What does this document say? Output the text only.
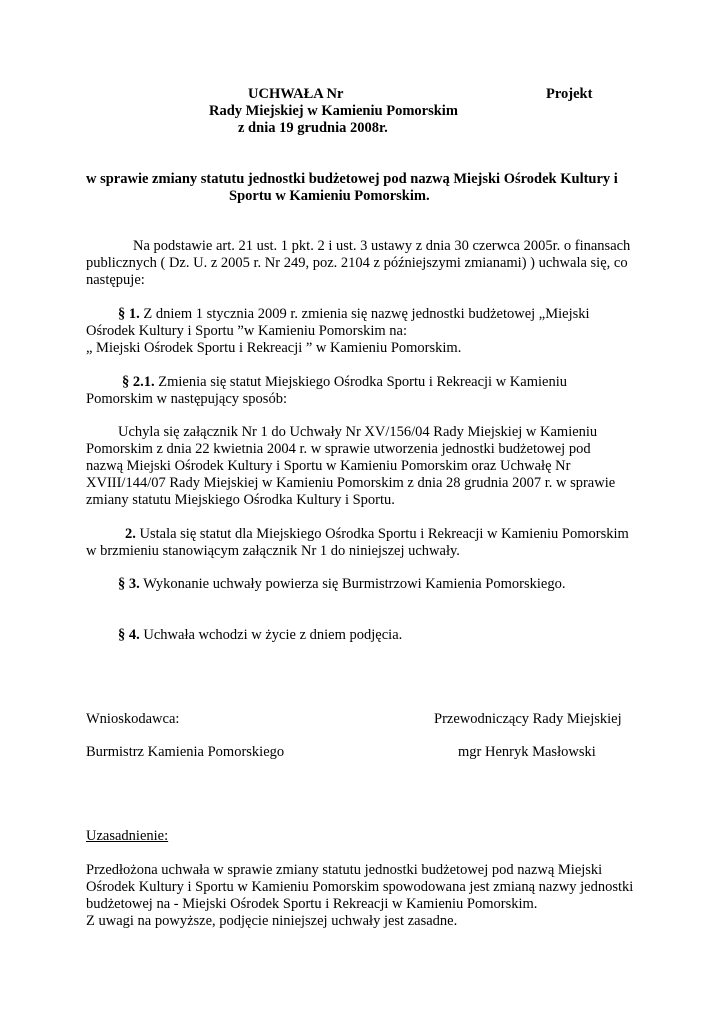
UCHWAŁA Nr	Projekt
Rady Miejskiej w Kamieniu Pomorskim
z dnia 19 grudnia 2008r.
w sprawie zmiany statutu jednostki budżetowej pod nazwą Miejski Ośrodek Kultury i
Sportu w Kamieniu Pomorskim.
Na podstawie art. 21 ust. 1 pkt. 2 i ust. 3 ustawy z dnia 30 czerwca 2005r. o finansach
publicznych ( Dz. U. z 2005 r. Nr 249, poz. 2104 z późniejszymi zmianami) ) uchwala się, co
następuje:
§ 1. Z dniem 1 stycznia 2009 r. zmienia się nazwę jednostki budżetowej „Miejski
Ośrodek Kultury i Sportu ”w Kamieniu Pomorskim na:
„ Miejski Ośrodek Sportu i Rekreacji ” w Kamieniu Pomorskim.
§ 2.1. Zmienia się statut Miejskiego Ośrodka Sportu i Rekreacji w Kamieniu
Pomorskim w następujący sposób:
Uchyla się załącznik Nr 1 do Uchwały Nr XV/156/04 Rady Miejskiej w Kamieniu
Pomorskim z dnia 22 kwietnia 2004 r. w sprawie utworzenia jednostki budżetowej pod
nazwą Miejski Ośrodek Kultury i Sportu w Kamieniu Pomorskim oraz Uchwałę Nr
XVIII/144/07 Rady Miejskiej w Kamieniu Pomorskim z dnia 28 grudnia 2007 r. w sprawie
zmiany statutu Miejskiego Ośrodka Kultury i Sportu.
2. Ustala się statut dla Miejskiego Ośrodka Sportu i Rekreacji w Kamieniu Pomorskim
w brzmieniu stanowiącym załącznik Nr 1 do niniejszej uchwały.
§ 3. Wykonanie uchwały powierza się Burmistrzowi Kamienia Pomorskiego.
§ 4. Uchwała wchodzi w życie z dniem podjęcia.
Wnioskodawca:	Przewodniczący Rady Miejskiej
Burmistrz Kamienia Pomorskiego	mgr Henryk Masłowski
Uzasadnienie:
Przedłożona uchwała w sprawie zmiany statutu jednostki budżetowej pod nazwą Miejski
Ośrodek Kultury i Sportu w Kamieniu Pomorskim spowodowana jest zmianą nazwy jednostki
budżetowej na - Miejski Ośrodek Sportu i Rekreacji w Kamieniu Pomorskim.
Z uwagi na powyższe, podjęcie niniejszej uchwały jest zasadne.
